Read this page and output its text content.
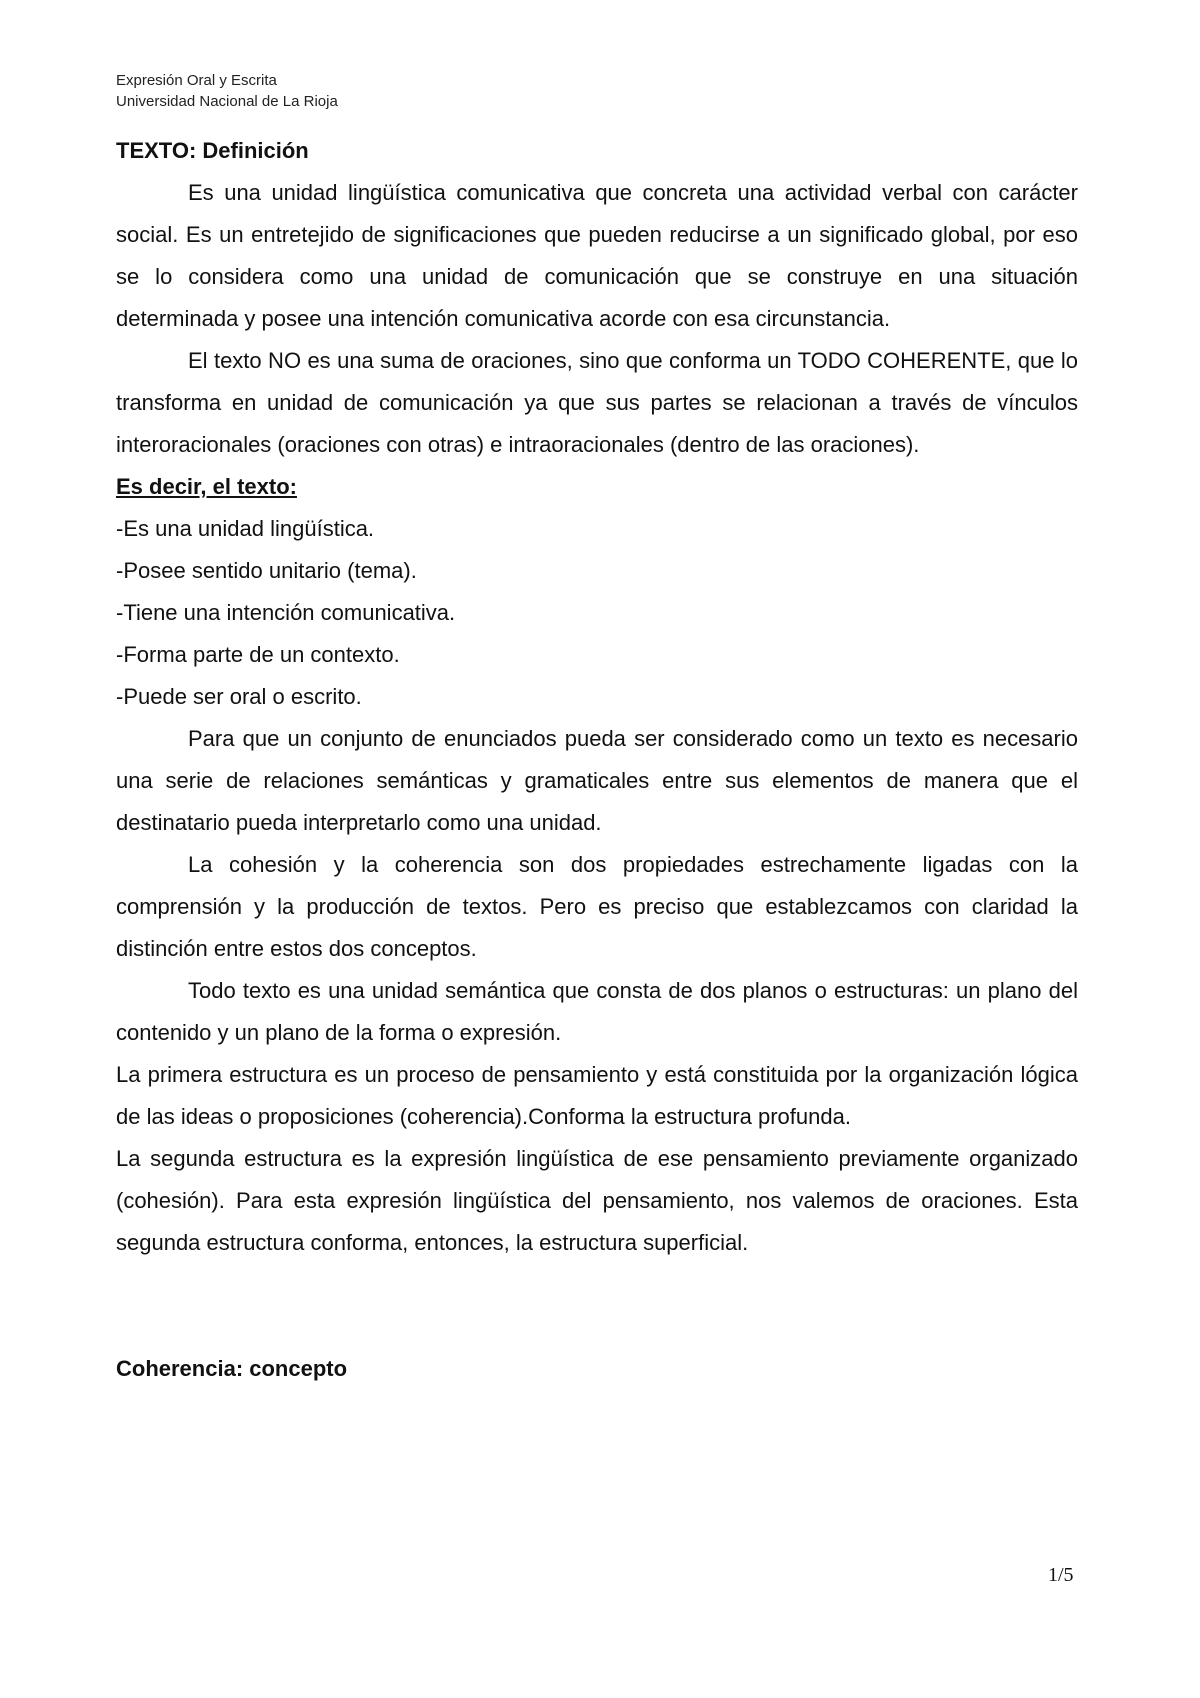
Expresión Oral y Escrita
Universidad Nacional de La Rioja

TEXTO: Definición

Es una unidad lingüística comunicativa que concreta una actividad verbal con carácter social. Es un entretejido de significaciones que pueden reducirse a un significado global, por eso se lo considera como una unidad de comunicación que se construye en una situación determinada y posee una intención comunicativa acorde con esa circunstancia.

El texto NO es una suma de oraciones, sino que conforma un TODO COHERENTE, que lo transforma en unidad de comunicación ya que sus partes se relacionan a través de vínculos interoracionales (oraciones con otras) e intraoracionales (dentro de las oraciones).

Es decir, el texto:

-Es una unidad lingüística.
-Posee sentido unitario (tema).
-Tiene una intención comunicativa.
-Forma parte de un contexto.
-Puede ser oral o escrito.

Para que un conjunto de enunciados pueda ser considerado como un texto es necesario una serie de relaciones semánticas y gramaticales entre sus elementos de manera que el destinatario pueda interpretarlo como una unidad.

La cohesión y la coherencia son dos propiedades estrechamente ligadas con la comprensión y la producción de textos. Pero es preciso que establezcamos con claridad la distinción entre estos dos conceptos.

Todo texto es una unidad semántica que consta de dos planos o estructuras: un plano del contenido y un plano de la forma o expresión.

La primera estructura es un proceso de pensamiento y está constituida por la organización lógica de las ideas o proposiciones (coherencia).Conforma la estructura profunda.

La segunda estructura es la expresión lingüística de ese pensamiento previamente organizado (cohesión). Para esta expresión lingüística del pensamiento, nos valemos de oraciones. Esta segunda estructura conforma, entonces, la estructura superficial.

Coherencia: concepto

1/5
